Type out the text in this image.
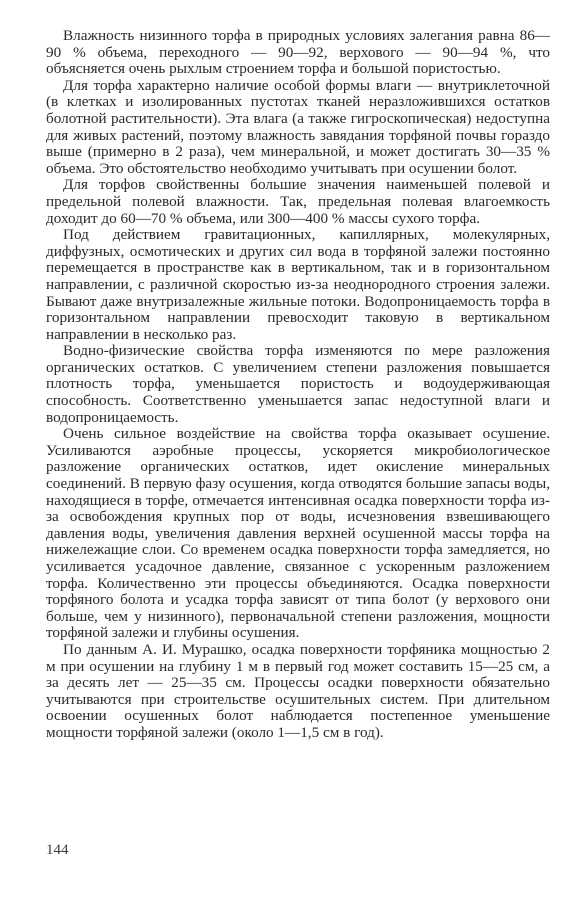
Влажность низинного торфа в природных условиях залегания равна 86—90 % объема, переходного — 90—92, верхового — 90—94 %, что объясняется очень рыхлым строением торфа и большой пористостью.

Для торфа характерно наличие особой формы влаги — внутриклеточной (в клетках и изолированных пустотах тканей неразложившихся остатков болотной растительности). Эта влага (а также гигроскопическая) недоступна для живых растений, поэтому влажность завядания торфяной почвы гораздо выше (примерно в 2 раза), чем минеральной, и может достигать 30—35 % объема. Это обстоятельство необходимо учитывать при осушении болот.

Для торфов свойственны большие значения наименьшей полевой и предельной полевой влажности. Так, предельная полевая влагоемкость доходит до 60—70 % объема, или 300—400 % массы сухого торфа.

Под действием гравитационных, капиллярных, молекулярных, диффузных, осмотических и других сил вода в торфяной залежи постоянно перемещается в пространстве как в вертикальном, так и в горизонтальном направлении, с различной скоростью из-за неоднородного строения залежи. Бывают даже внутризалежные жильные потоки. Водопроницаемость торфа в горизонтальном направлении превосходит таковую в вертикальном направлении в несколько раз.

Водно-физические свойства торфа изменяются по мере разложения органических остатков. С увеличением степени разложения повышается плотность торфа, уменьшается пористость и водоудерживающая способность. Соответственно уменьшается запас недоступной влаги и водопроницаемость.

Очень сильное воздействие на свойства торфа оказывает осушение. Усиливаются аэробные процессы, ускоряется микробиологическое разложение органических остатков, идет окисление минеральных соединений. В первую фазу осушения, когда отводятся большие запасы воды, находящиеся в торфе, отмечается интенсивная осадка поверхности торфа из-за освобождения крупных пор от воды, исчезновения взвешивающего давления воды, увеличения давления верхней осушенной массы торфа на нижележащие слои. Со временем осадка поверхности торфа замедляется, но усиливается усадочное давление, связанное с ускоренным разложением торфа. Количественно эти процессы объединяются. Осадка поверхности торфяного болота и усадка торфа зависят от типа болот (у верхового они больше, чем у низинного), первоначальной степени разложения, мощности торфяной залежи и глубины осушения.

По данным А. И. Мурашко, осадка поверхности торфяника мощностью 2 м при осушении на глубину 1 м в первый год может составить 15—25 см, а за десять лет — 25—35 см. Процессы осадки поверхности обязательно учитываются при строительстве осушительных систем. При длительном освоении осушенных болот наблюдается постепенное уменьшение мощности торфяной залежи (около 1—1,5 см в год).

144
